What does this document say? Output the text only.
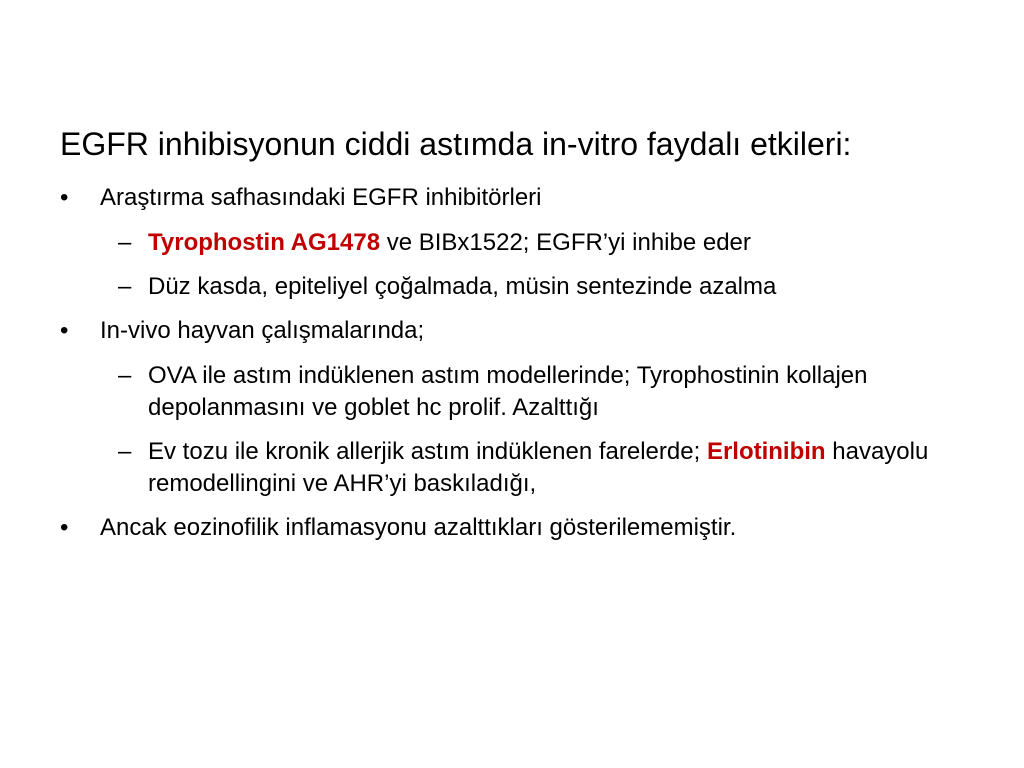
EGFR inhibisyonun ciddi astımda in-vitro faydalı etkileri:

•	Araştırma safhasındaki EGFR inhibitörleri
– Tyrophostin AG1478 ve BIBx1522; EGFR’yi inhibe eder
– Düz kasda, epiteliyel çoğalmada, müsin sentezinde azalma
•	In-vivo hayvan çalışmalarında;
– OVA ile astım indüklenen astım modellerinde; Tyrophostinin kollajen depolanmasını ve goblet hc prolif. Azalttığı
– Ev tozu ile kronik allerjik astım indüklenen farelerde; Erlotinibin havayolu remodellingini ve AHR’yi baskıladığı,
•	Ancak eozinofilik inflamasyonu azalttıkları gösterilememiştir.
